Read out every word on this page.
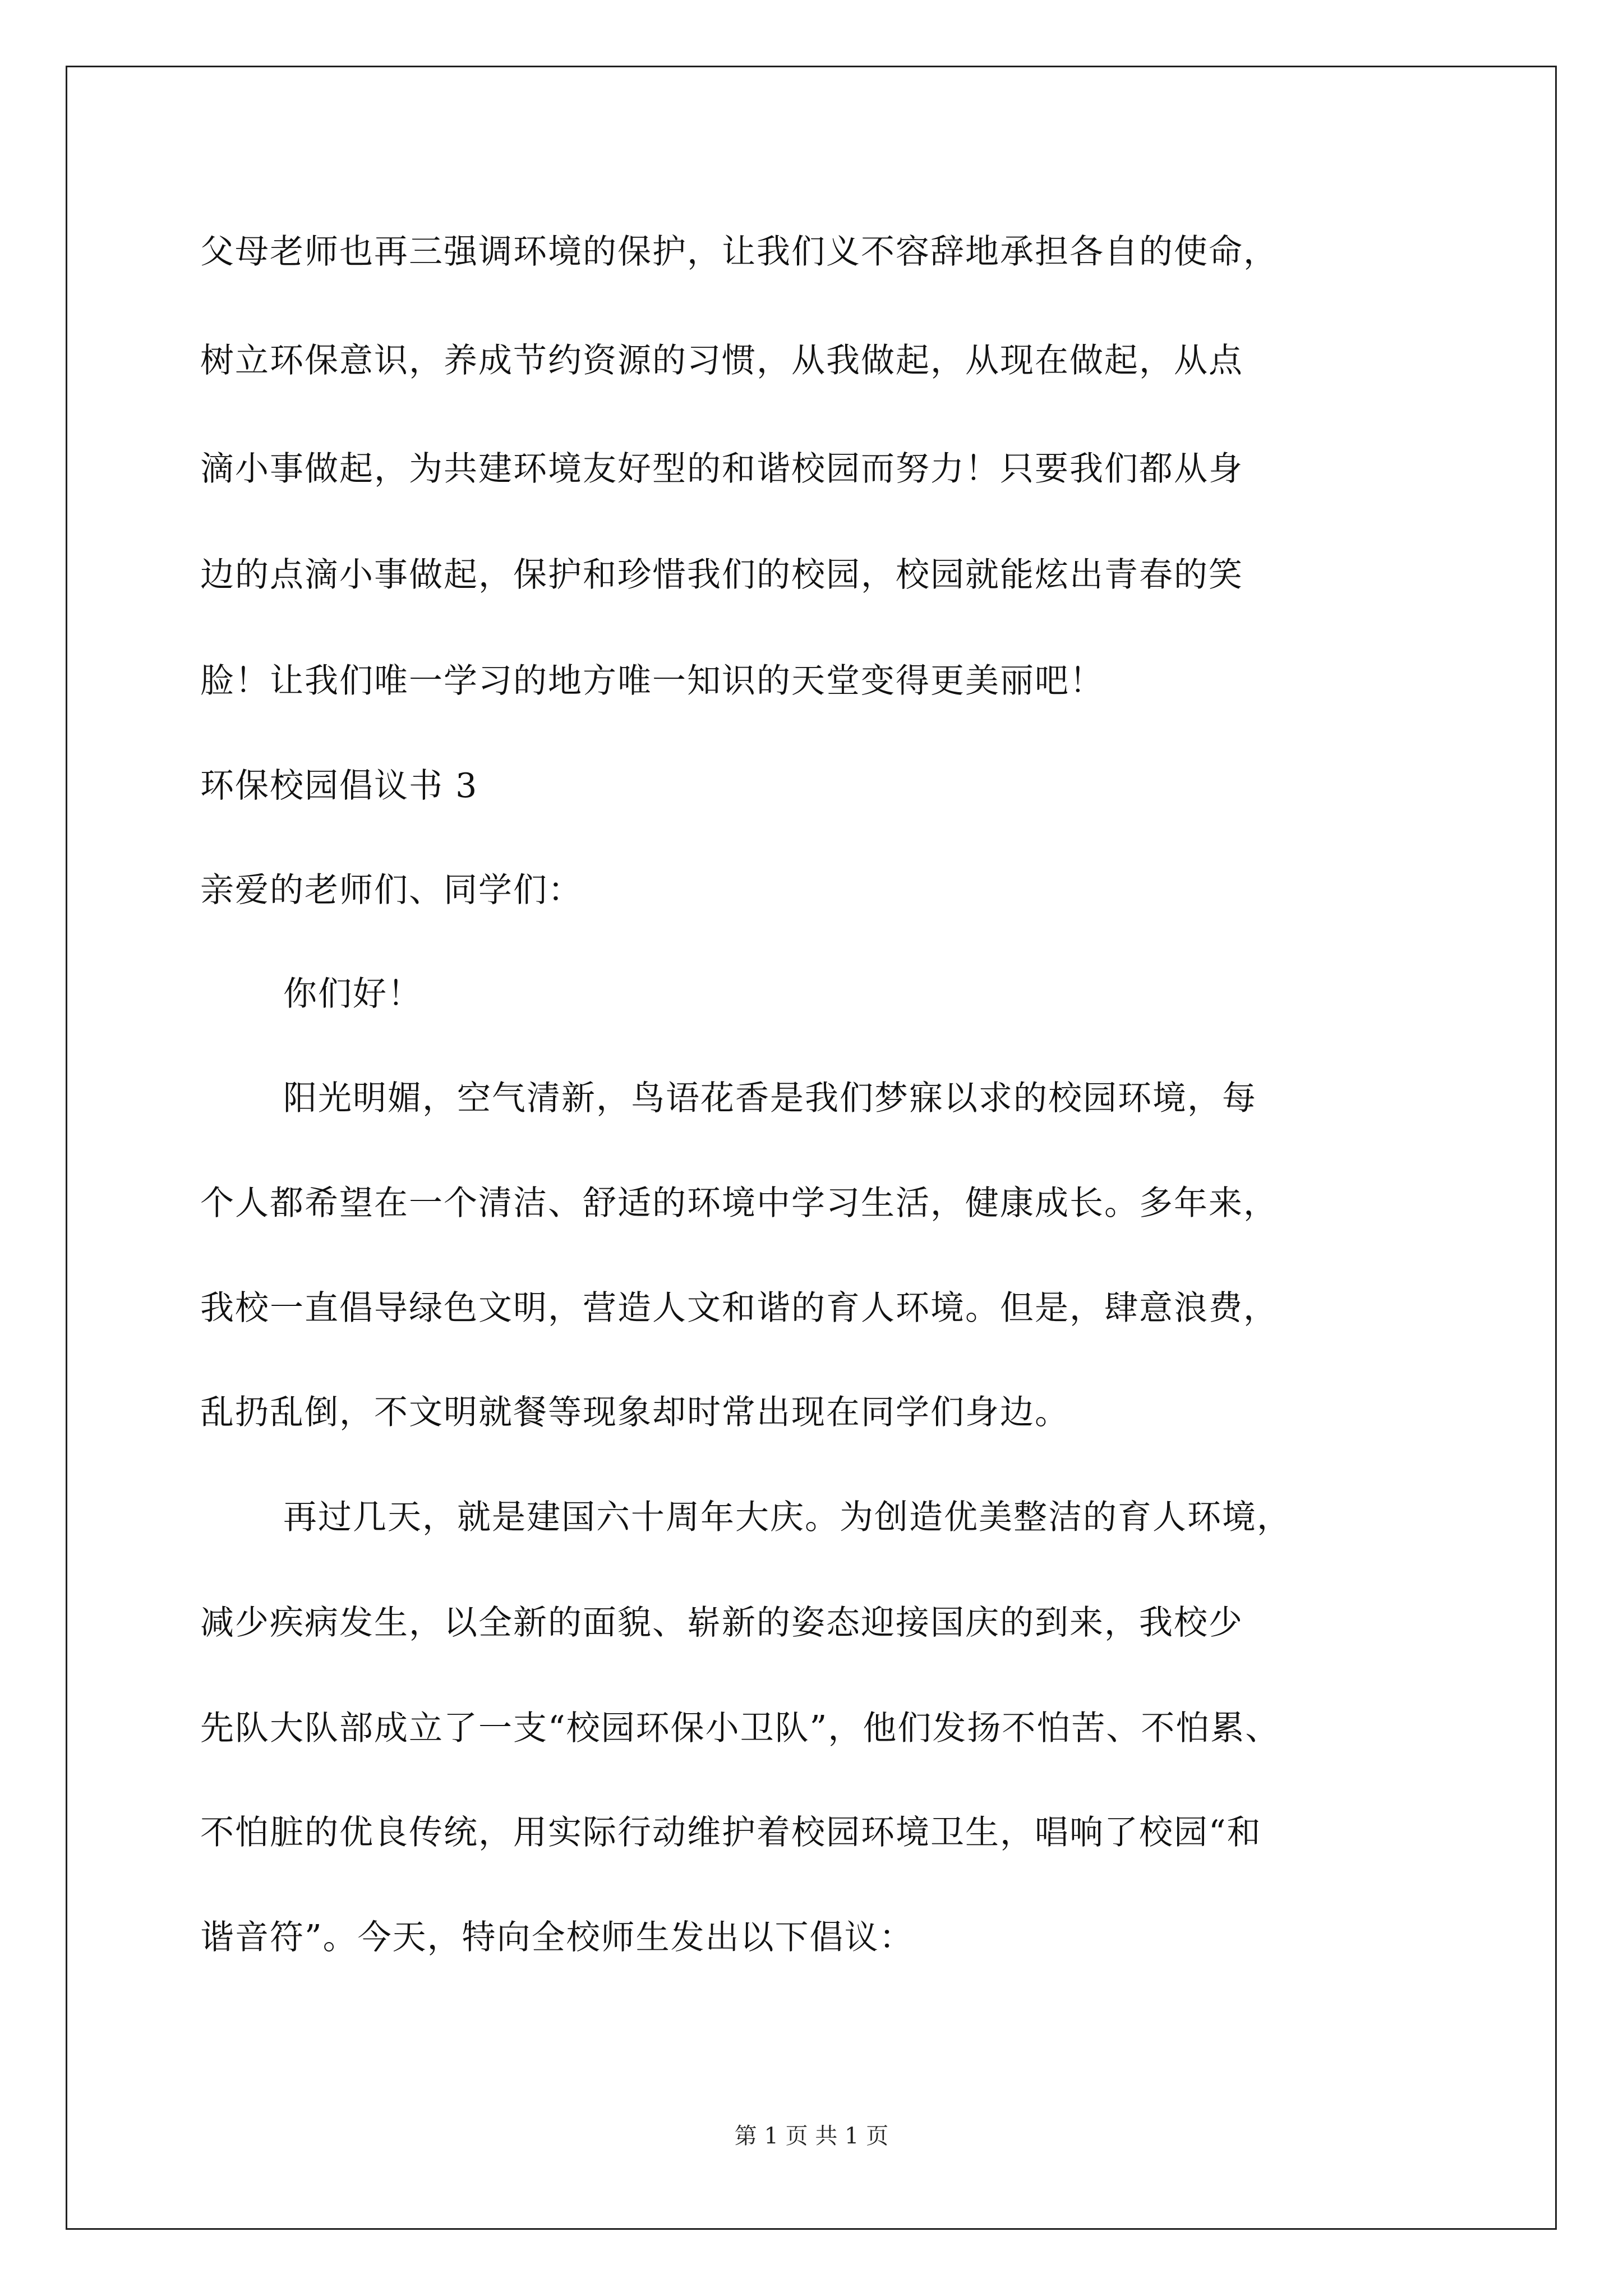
父母老师也再三强调环境的保护，让我们义不容辞地承担各自的使命，
树立环保意识，养成节约资源的习惯，从我做起，从现在做起，从点
滴小事做起，为共建环境友好型的和谐校园而努力！只要我们都从身
边的点滴小事做起，保护和珍惜我们的校园，校园就能炫出青春的笑
脸！让我们唯一学习的地方唯一知识的天堂变得更美丽吧！
环保校园倡议书 3
亲爱的老师们、同学们：
你们好！
阳光明媚，空气清新，鸟语花香是我们梦寐以求的校园环境，每
个人都希望在一个清洁、舒适的环境中学习生活，健康成长。多年来，
我校一直倡导绿色文明，营造人文和谐的育人环境。但是，肆意浪费，
乱扔乱倒，不文明就餐等现象却时常出现在同学们身边。
再过几天，就是建国六十周年大庆。为创造优美整洁的育人环境，
减少疾病发生，以全新的面貌、崭新的姿态迎接国庆的到来，我校少
先队大队部成立了一支“校园环保小卫队”，他们发扬不怕苦、不怕累、
不怕脏的优良传统，用实际行动维护着校园环境卫生，唱响了校园“和
谐音符”。今天，特向全校师生发出以下倡议：
第 1 页 共 1 页
